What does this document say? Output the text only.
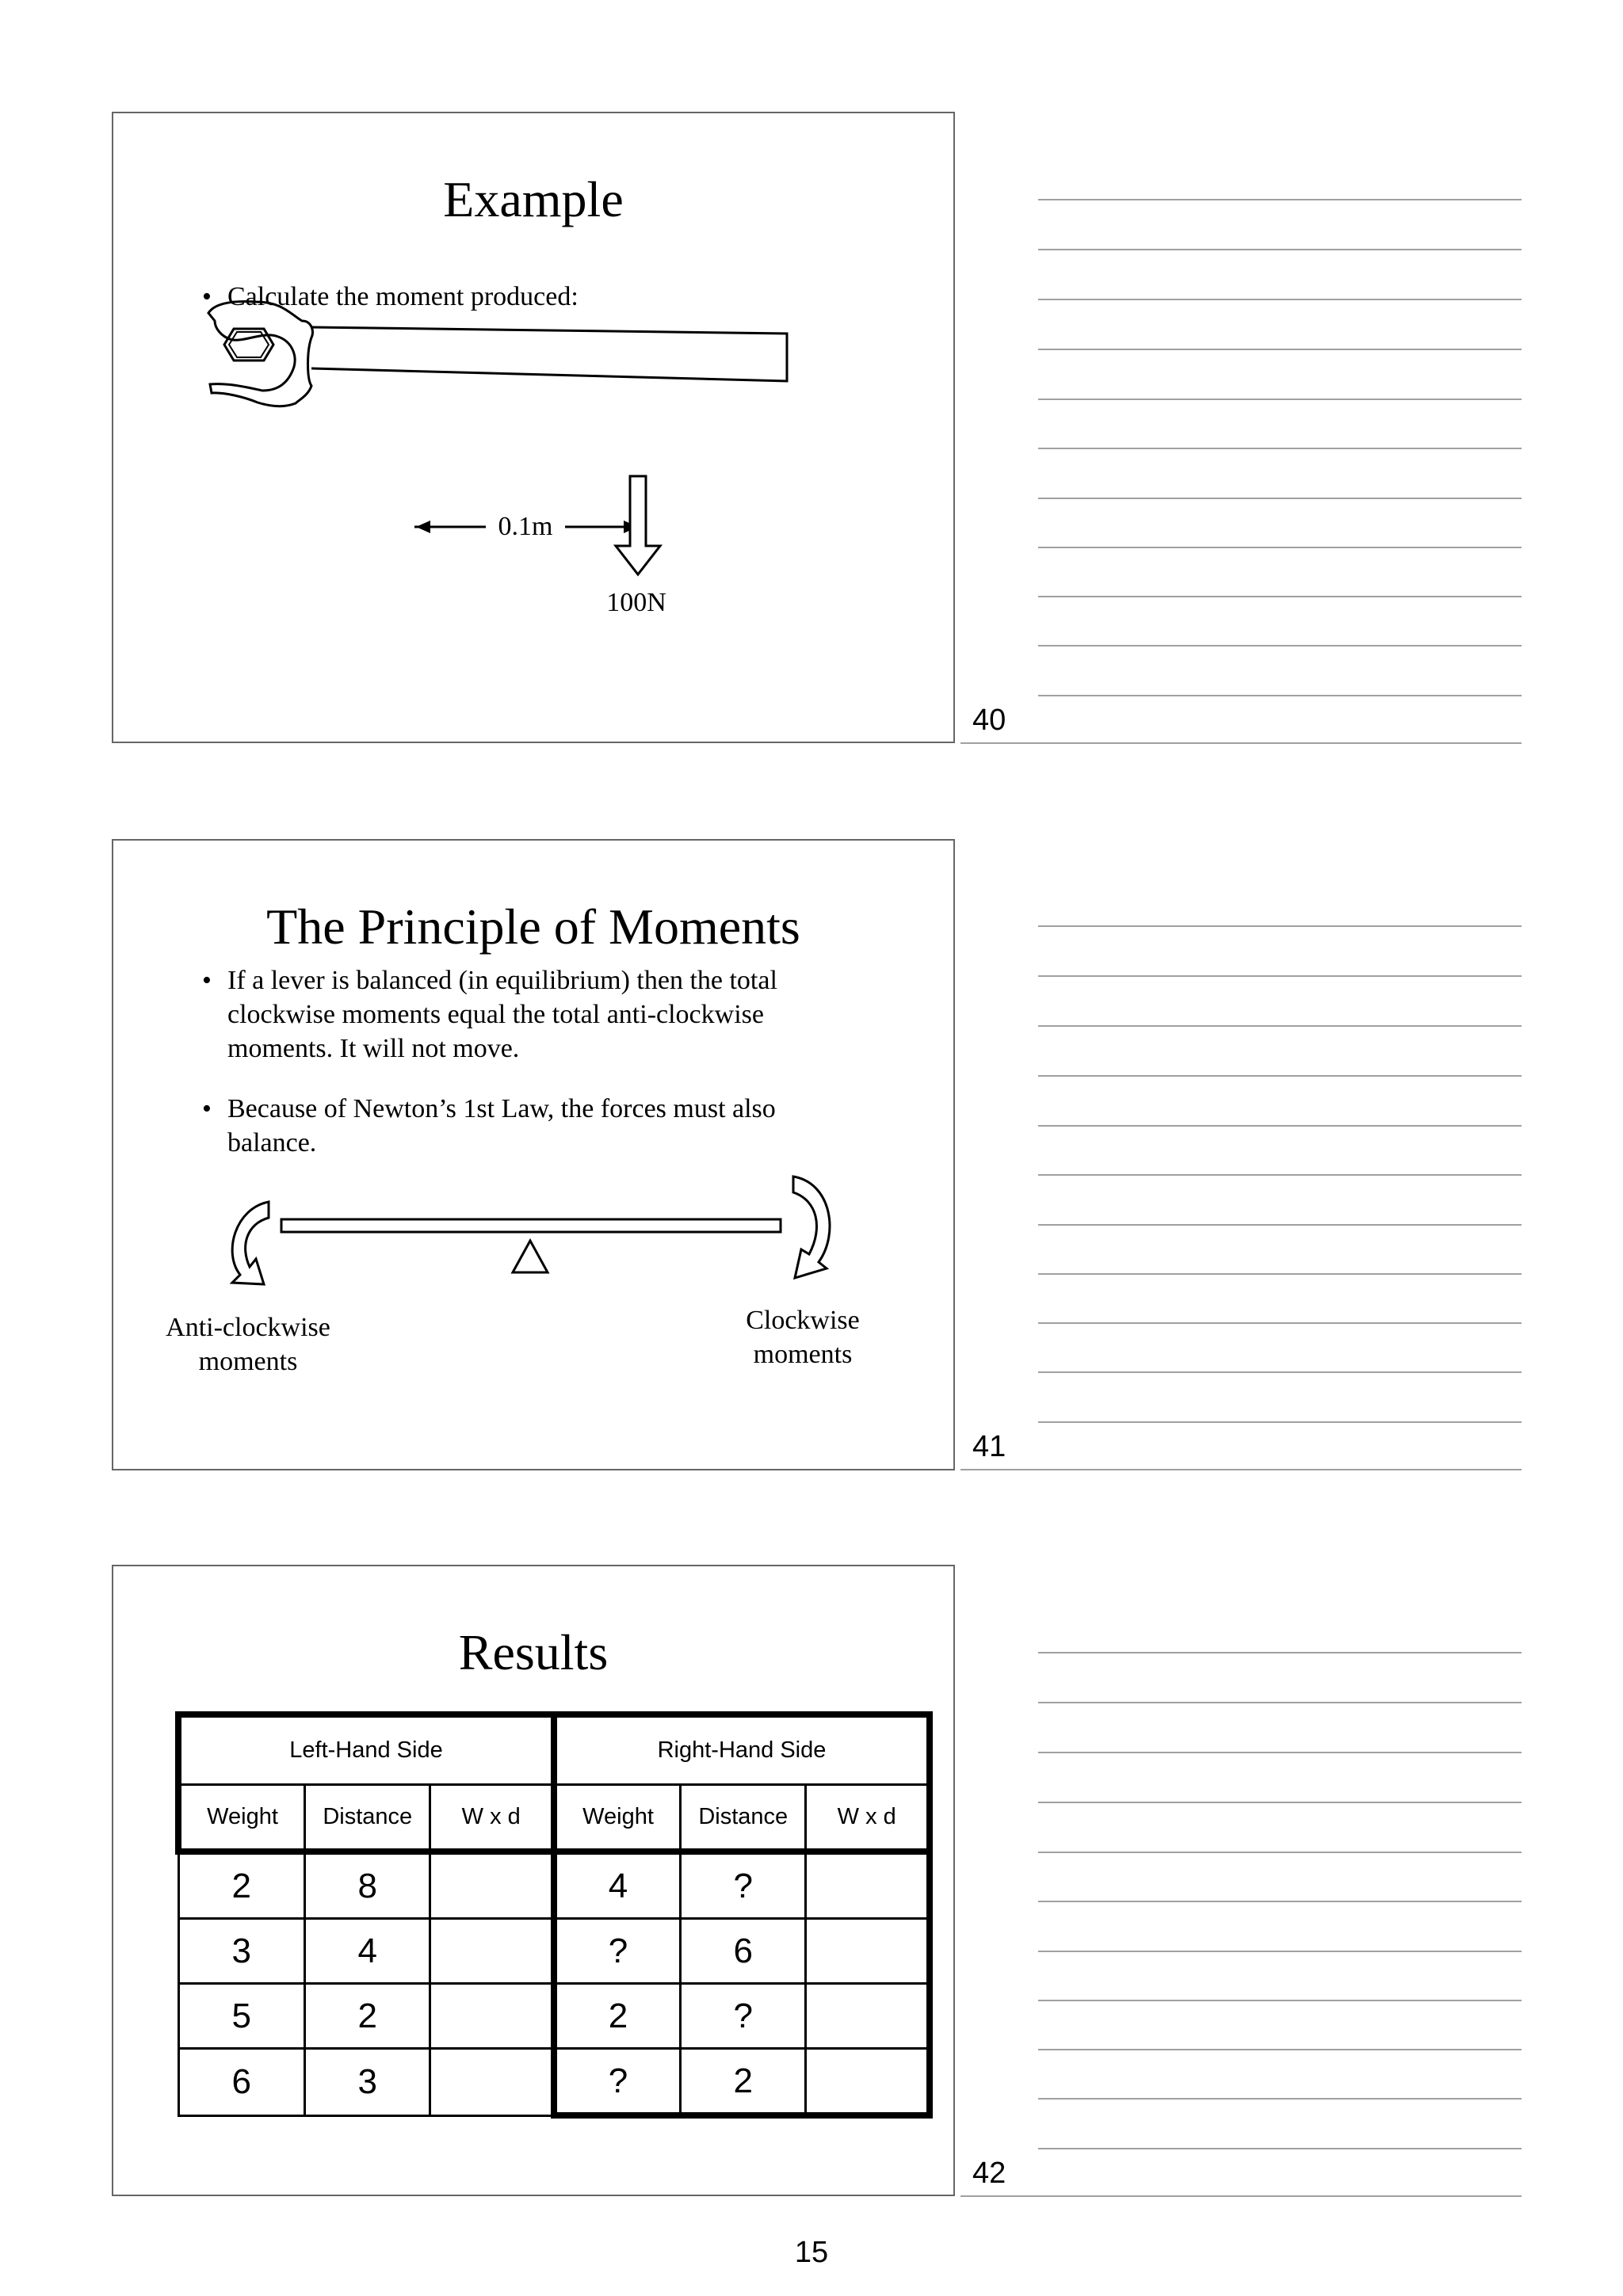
Example
• Calculate the moment produced:
0.1m
100N
40
The Principle of Moments
• If a lever is balanced (in equilibrium) then the total clockwise moments equal the total anti-clockwise moments. It will not move.
• Because of Newton’s 1st Law, the forces must also balance.
Anti-clockwise moments
Clockwise moments
41
Results
Left-Hand Side			Right-Hand Side		
Weight	Distance	W x d	Weight	Distance	W x d
2	8		4	?	
3	4		?	6	
5	2		2	?	
6	3		?	2	
42
15
